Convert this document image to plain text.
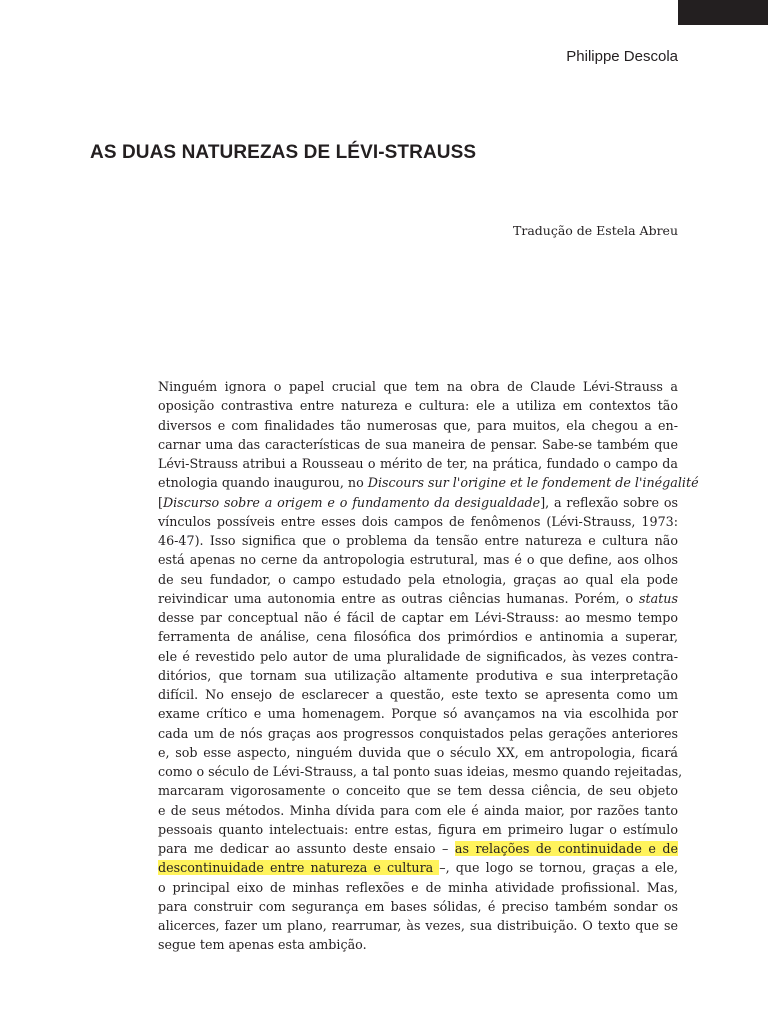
Philippe Descola
AS DUAS NATUREZAS DE LÉVI-STRAUSS
Tradução de Estela Abreu
Ninguém ignora o papel crucial que tem na obra de Claude Lévi-Strauss a
oposição contrastiva entre natureza e cultura: ele a utiliza em contextos tão
diversos e com finalidades tão numerosas que, para muitos, ela chegou a en-
carnar uma das características de sua maneira de pensar. Sabe-se também que
Lévi-Strauss atribui a Rousseau o mérito de ter, na prática, fundado o campo da
etnologia quando inaugurou, no Discours sur l'origine et le fondement de l'inégalité
[Discurso sobre a origem e o fundamento da desigualdade], a reflexão sobre os
vínculos possíveis entre esses dois campos de fenômenos (Lévi-Strauss, 1973:
46-47). Isso significa que o problema da tensão entre natureza e cultura não
está apenas no cerne da antropologia estrutural, mas é o que define, aos olhos
de seu fundador, o campo estudado pela etnologia, graças ao qual ela pode
reivindicar uma autonomia entre as outras ciências humanas. Porém, o status
desse par conceptual não é fácil de captar em Lévi-Strauss: ao mesmo tempo
ferramenta de análise, cena filosófica dos primórdios e antinomia a superar,
ele é revestido pelo autor de uma pluralidade de significados, às vezes contra-
ditórios, que tornam sua utilização altamente produtiva e sua interpretação
difícil. No ensejo de esclarecer a questão, este texto se apresenta como um
exame crítico e uma homenagem. Porque só avançamos na via escolhida por
cada um de nós graças aos progressos conquistados pelas gerações anteriores
e, sob esse aspecto, ninguém duvida que o século XX, em antropologia, ficará
como o século de Lévi-Strauss, a tal ponto suas ideias, mesmo quando rejeitadas,
marcaram vigorosamente o conceito que se tem dessa ciência, de seu objeto
e de seus métodos. Minha dívida para com ele é ainda maior, por razões tanto
pessoais quanto intelectuais: entre estas, figura em primeiro lugar o estímulo
para me dedicar ao assunto deste ensaio – as relações de continuidade e de
descontinuidade entre natureza e cultura –, que logo se tornou, graças a ele,
o principal eixo de minhas reflexões e de minha atividade profissional. Mas,
para construir com segurança em bases sólidas, é preciso também sondar os
alicerces, fazer um plano, rearrumar, às vezes, sua distribuição. O texto que se
segue tem apenas esta ambição.
